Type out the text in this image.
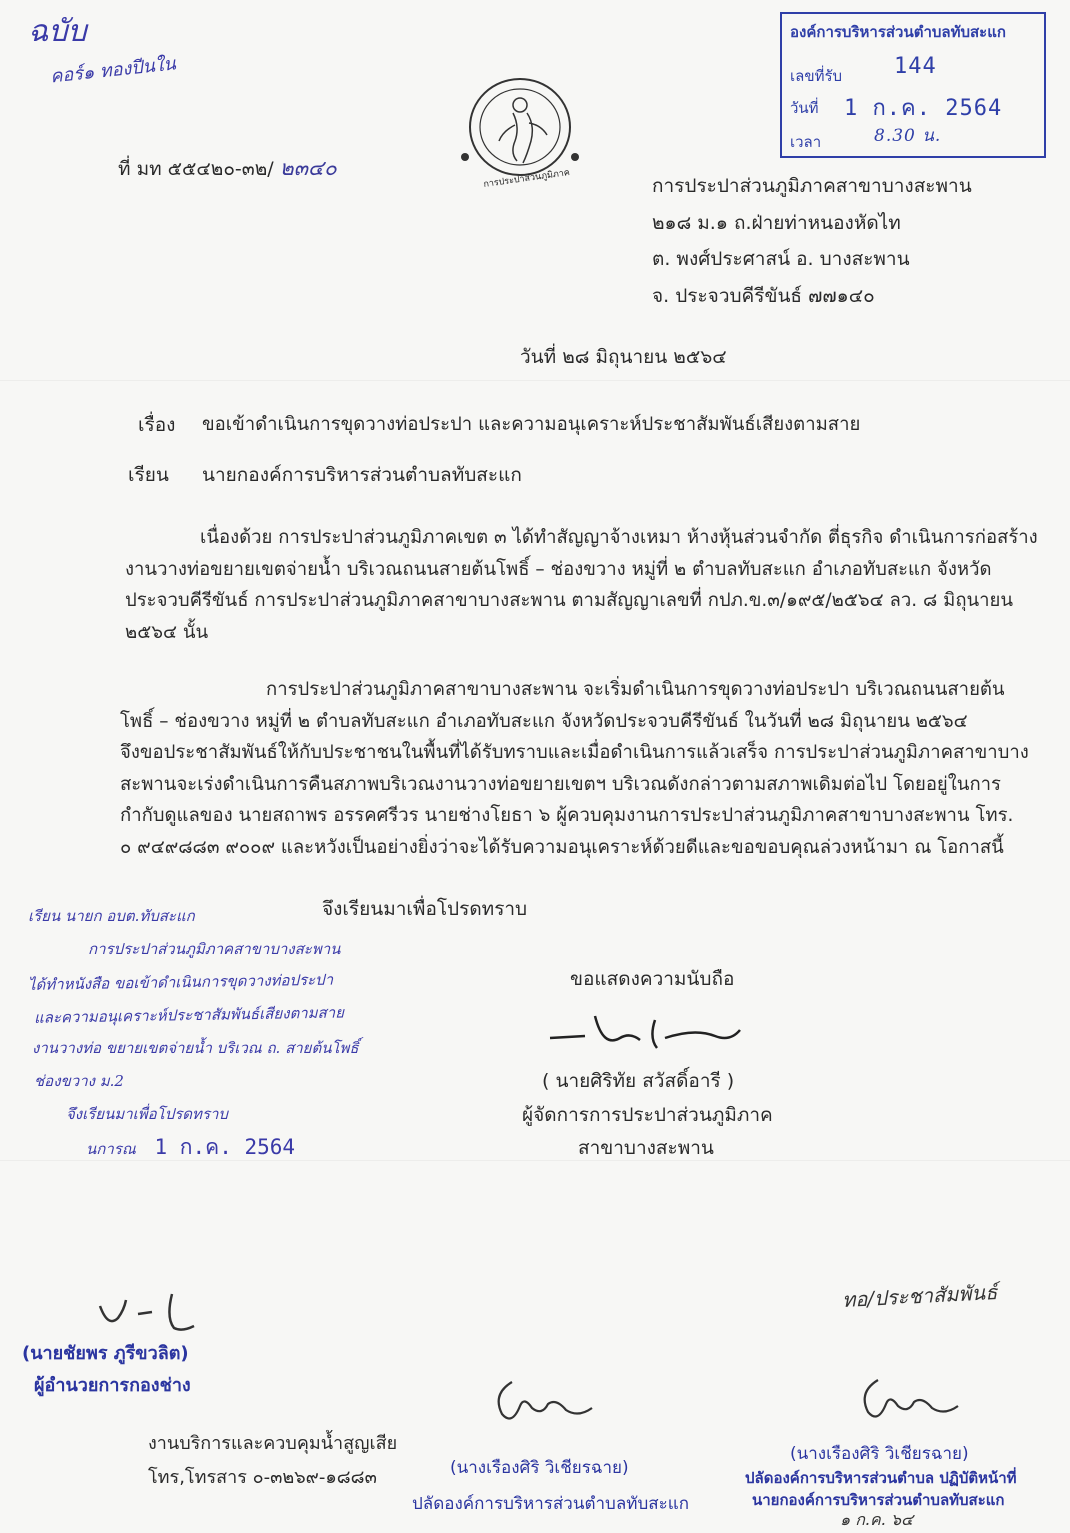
ฉบับ
คอร์๑ ทองปีนใน
องค์การบริหารส่วนตำบลทับสะแก
เลขที่รับ 144
วันที่ 1 ก.ค. 2564
เวลา	8.30 น.
การประปาส่วนภูมิภาค
ที่ มท ๕๕๔๒๐-๓๒/ ๒๓๔๐
การประปาส่วนภูมิภาคสาขาบางสะพาน
๒๑๘ ม.๑ ถ.ฝ่ายท่าหนองหัดไท
ต. พงศ์ประศาสน์ อ. บางสะพาน
จ. ประจวบคีรีขันธ์ ๗๗๑๔๐
วันที่ ๒๘ มิถุนายน ๒๕๖๔
เรื่อง ขอเข้าดำเนินการขุดวางท่อประปา และความอนุเคราะห์ประชาสัมพันธ์เสียงตามสาย
เรียน นายกองค์การบริหารส่วนตำบลทับสะแก
เนื่องด้วย การประปาส่วนภูมิภาคเขต ๓ ได้ทำสัญญาจ้างเหมา ห้างหุ้นส่วนจำกัด ตี่ธุรกิจ ดำเนินการก่อสร้าง
งานวางท่อขยายเขตจ่ายน้ำ บริเวณถนนสายต้นโพธิ์ – ช่องขวาง หมู่ที่ ๒ ตำบลทับสะแก อำเภอทับสะแก จังหวัด
ประจวบคีรีขันธ์ การประปาส่วนภูมิภาคสาขาบางสะพาน ตามสัญญาเลขที่ กปภ.ข.๓/๑๙๕/๒๕๖๔ ลว. ๘ มิถุนายน
๒๕๖๔ นั้น
การประปาส่วนภูมิภาคสาขาบางสะพาน จะเริ่มดำเนินการขุดวางท่อประปา บริเวณถนนสายต้น
โพธิ์ – ช่องขวาง หมู่ที่ ๒ ตำบลทับสะแก อำเภอทับสะแก จังหวัดประจวบคีรีขันธ์ ในวันที่ ๒๘ มิถุนายน ๒๕๖๔
จึงขอประชาสัมพันธ์ให้กับประชาชนในพื้นที่ได้รับทราบและเมื่อดำเนินการแล้วเสร็จ การประปาส่วนภูมิภาคสาขาบาง
สะพานจะเร่งดำเนินการคืนสภาพบริเวณงานวางท่อขยายเขตฯ บริเวณดังกล่าวตามสภาพเดิมต่อไป โดยอยู่ในการ
กำกับดูแลของ นายสถาพร อรรคศรีวร นายช่างโยธา ๖ ผู้ควบคุมงานการประปาส่วนภูมิภาคสาขาบางสะพาน โทร.
๐ ๙๔๙๘๘๓ ๙๐๐๙ และหวังเป็นอย่างยิ่งว่าจะได้รับความอนุเคราะห์ด้วยดีและขอขอบคุณล่วงหน้ามา ณ โอกาสนี้
จึงเรียนมาเพื่อโปรดทราบ
เรียน นายก อบต.ทับสะแก
การประปาส่วนภูมิภาคสาขาบางสะพาน
ได้ทำหนังสือ ขอเข้าดำเนินการขุดวางท่อประปา
และความอนุเคราะห์ประชาสัมพันธ์เสียงตามสาย
งานวางท่อ ขยายเขตจ่ายน้ำ บริเวณ ถ. สายต้นโพธิ์
ช่องขวาง ม.2
จึงเรียนมาเพื่อโปรดทราบ
นการณ 1 ก.ค. 2564
ขอแสดงความนับถือ
( นายศิริทัย สวัสดิ์อารี )
ผู้จัดการการประปาส่วนภูมิภาค
สาขาบางสะพาน
ทอ/ประชาสัมพันธ์
(นายชัยพร ภูรีขวลิต)
ผู้อำนวยการกองช่าง
งานบริการและควบคุมน้ำสูญเสีย
โทร,โทรสาร ๐-๓๒๖๙-๑๘๘๓	(นางเรืองศิริ วิเชียรฉาย)
ปลัดองค์การบริหารส่วนตำบลทับสะแก
(นางเรืองศิริ วิเชียรฉาย)
ปลัดองค์การบริหารส่วนตำบล ปฏิบัติหน้าที่
นายกองค์การบริหารส่วนตำบลทับสะแก
๑ ก.ค. ๖๔
